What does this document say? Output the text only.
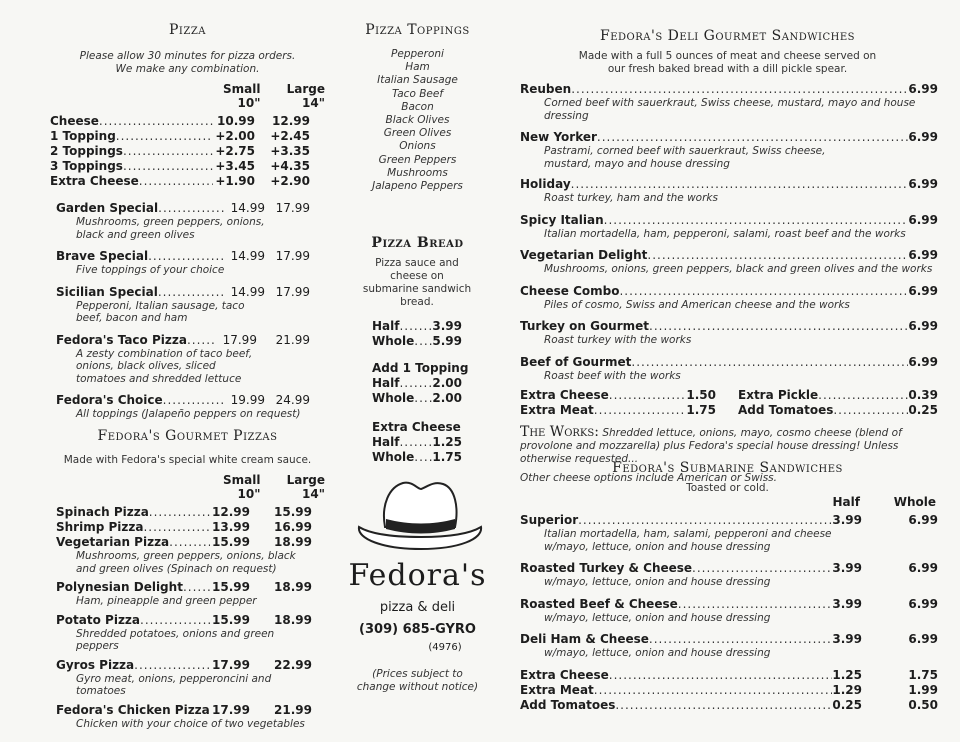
Pizza
Please allow 30 minutes for pizza orders.
We make any combination.
Small 10"
Large 14"
Cheese .....	10.99	12.99
1 Topping .....	+2.00	+2.45
2 Toppings .....	+2.75	+3.35
3 Toppings .....	+3.45	+4.35
Extra Cheese .....	+1.90	+2.90
Garden Special .....	14.99 17.99
Mushrooms, green peppers, onions, black and green olives
Brave Special .....	14.99 17.99
Five toppings of your choice
Sicilian Special .....	14.99 17.99
Pepperoni, Italian sausage, taco beef, bacon and ham
Fedora's Taco Pizza .....	17.99	21.99
A zesty combination of taco beef, onions, black olives, sliced tomatoes and shredded lettuce
Fedora's Choice .....	19.99 24.99
All toppings (Jalapeño peppers on request)
Fedora's Gourmet Pizzas
Made with Fedora's special white cream sauce.
Small 10"
Large 14"
Spinach Pizza .....	12.99	15.99
Shrimp Pizza .....	13.99	16.99
Vegetarian Pizza .....	15.99	18.99
Mushrooms, green peppers, onions, black and green olives (Spinach on request)
Polynesian Delight ..... 15.99	18.99
Ham, pineapple and green pepper
Potato Pizza .....	15.99	18.99
Shredded potatoes, onions and green peppers
Gyros Pizza .....	17.99	22.99
Gyro meat, onions, pepperoncini and tomatoes
Fedora's Chicken Pizza ..... 17.99	21.99
Chicken with your choice of two vegetables
Pizza Toppings
Pepperoni
Ham
Italian Sausage
Taco Beef
Bacon
Black Olives
Green Olives
Onions
Green Peppers
Mushrooms
Jalapeno Peppers
Pizza Bread
Pizza sauce and cheese on submarine sandwich bread.
Half .....	3.99
Whole ..... 5.99
Add 1 Topping
Half .....	2.00
Whole ..... 2.00
Extra Cheese
Half .....	1.25
Whole ..... 1.75
Fedora's
pizza & deli
(309) 685-GYRO
(4976)
(Prices subject to
change without notice)
Fedora's Deli Gourmet Sandwiches
Made with a full 5 ounces of meat and cheese served on
our fresh baked bread with a dill pickle spear.
Reuben .....	6.99
Corned beef with sauerkraut, Swiss cheese, mustard, mayo and house dressing
New Yorker .....	6.99
Pastrami, corned beef with sauerkraut, Swiss cheese, mustard, mayo and house dressing
Holiday .....	6.99
Roast turkey, ham and the works
Spicy Italian .....	6.99
Italian mortadella, ham, pepperoni, salami, roast beef and the works
Vegetarian Delight .....	6.99
Mushrooms, onions, green peppers, black and green olives and the works
Cheese Combo .....	6.99
Piles of cosmo, Swiss and American cheese and the works
Turkey on Gourmet .....	6.99
Roast turkey with the works
Beef of Gourmet .....	6.99
Roast beef with the works
Extra Cheese .....	1.50
Extra Meat .....	1.75
Extra Pickle .....	0.39
Add Tomatoes .....	0.25
The Works: Shredded lettuce, onions, mayo, cosmo cheese (blend of provolone and mozzarella) plus Fedora's special house dressing! Unless otherwise requested...
Other cheese options include American or Swiss.
Fedora's Submarine Sandwiches
Toasted or cold.
Half	Whole
Superior .....	3.99	6.99
Italian mortadella, ham, salami, pepperoni and cheese w/mayo, lettuce, onion and house dressing
Roasted Turkey & Cheese .....	3.99	6.99
w/mayo, lettuce, onion and house dressing
Roasted Beef & Cheese .....	3.99	6.99
w/mayo, lettuce, onion and house dressing
Deli Ham & Cheese .....	3.99	6.99
w/mayo, lettuce, onion and house dressing
Extra Cheese .....	1.25	1.75
Extra Meat .....	1.29	1.99
Add Tomatoes .....	0.25	0.50
